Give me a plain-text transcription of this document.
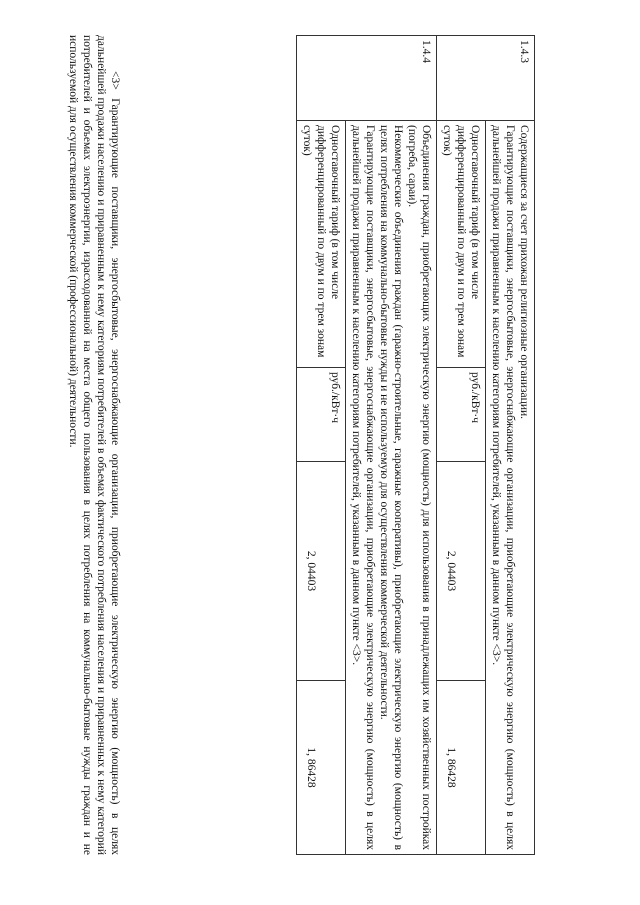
1.4.3	Содержащиеся за счет прихожан религиозные организации.
Гарантирующие поставщики, энергосбытовые, энергоснабжающие организации, приобретающие электрическую энергию (мощность) в целях дальнейшей продажи приравненным к населению категориям потребителей, указанным в данном пункте <3>.			

	Одноставочный тариф (в том числе дифференцированный по двум и по трем зонам суток)	руб./кВт·ч	2, 04403	1, 86428
1.4.4	Объединения граждан, приобретающих электрическую энергию (мощность) для использования в принадлежащих им хозяйственных постройках (погреба, сараи).
Некоммерческие объединения граждан (гаражно-строительные, гаражные кооперативы), приобретающие электрическую энергию (мощность) в целях потребления на коммунально-бытовые нужды и не используемую для осуществления коммерческой деятельности.
Гарантирующие поставщики, энергосбытовые, энергоснабжающие организации, приобретающие электрическую энергию (мощность) в целях дальнейшей продажи приравненным к населению категориям потребителей, указанным в данном пункте <3>.			

	Одноставочный тариф (в том числе дифференцированный по двум и по трем зонам суток)	руб./кВт·ч	2, 04403	1, 86428
<3> Гарантирующие поставщики, энергосбытовые, энергоснабжающие организации, приобретающие электрическую энергию (мощность) в целях дальнейшей продажи населению и приравненным к нему категориям потребителей в объемах фактического потребления населения и приравненных к нему категорий потребителей и объемах электроэнергии, израсходованной на места общего пользования в целях потребления на коммунально-бытовые нужды граждан и не используемой для осуществления коммерческой (профессиональной) деятельности.
